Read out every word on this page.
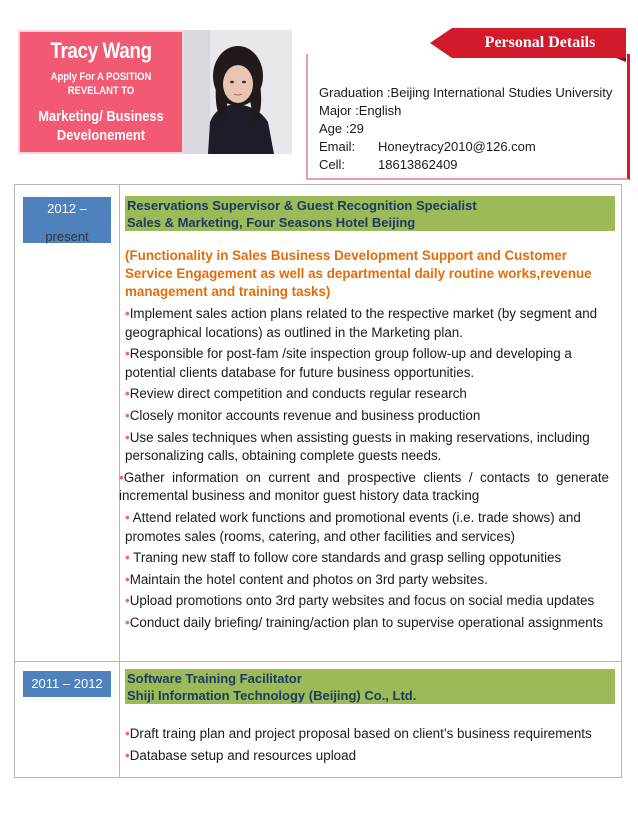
Tracy Wang
Apply For A POSITION
REVELANT TO
Marketing/ Business
Develonement
Personal Details
Graduation :Beijing International Studies University
Major :English
Age :29
Email: Honeytracy2010@126.com
Cell:	18613862409
2012 –
present
Reservations Supervisor & Guest Recognition Specialist
Sales & Marketing, Four Seasons Hotel Beijing

(Functionality in Sales Business Development Support and Customer Service Engagement as well as departmental daily routine works,revenue management and training tasks)

•Implement sales action plans related to the respective market (by segment and geographical locations) as outlined in the Marketing plan.

•Responsible for post-fam /site inspection group follow-up and developing a potential clients database for future business opportunities.

•Review direct competition and conducts regular research

•Closely monitor accounts revenue and business production

•Use sales techniques when assisting guests in making reservations, including personalizing calls, obtaining complete guests needs.

•Gather information on current and prospective clients / contacts to generate incremental business and monitor guest history data tracking

• Attend related work functions and promotional events (i.e. trade shows) and promotes sales (rooms, catering, and other facilities and services)

• Traning new staff to follow core standards and grasp selling oppotunities

•Maintain the hotel content and photos on 3rd party websites.

•Upload promotions onto 3rd party websites and focus on social media updates

•Conduct daily briefing/ training/action plan to supervise operational assignments

2011 – 2012	Software Training Facilitator
Shiji Information Technology (Beijing) Co., Ltd.

•Draft traing plan and project proposal based on client’s business requirements

•Database setup and resources upload
